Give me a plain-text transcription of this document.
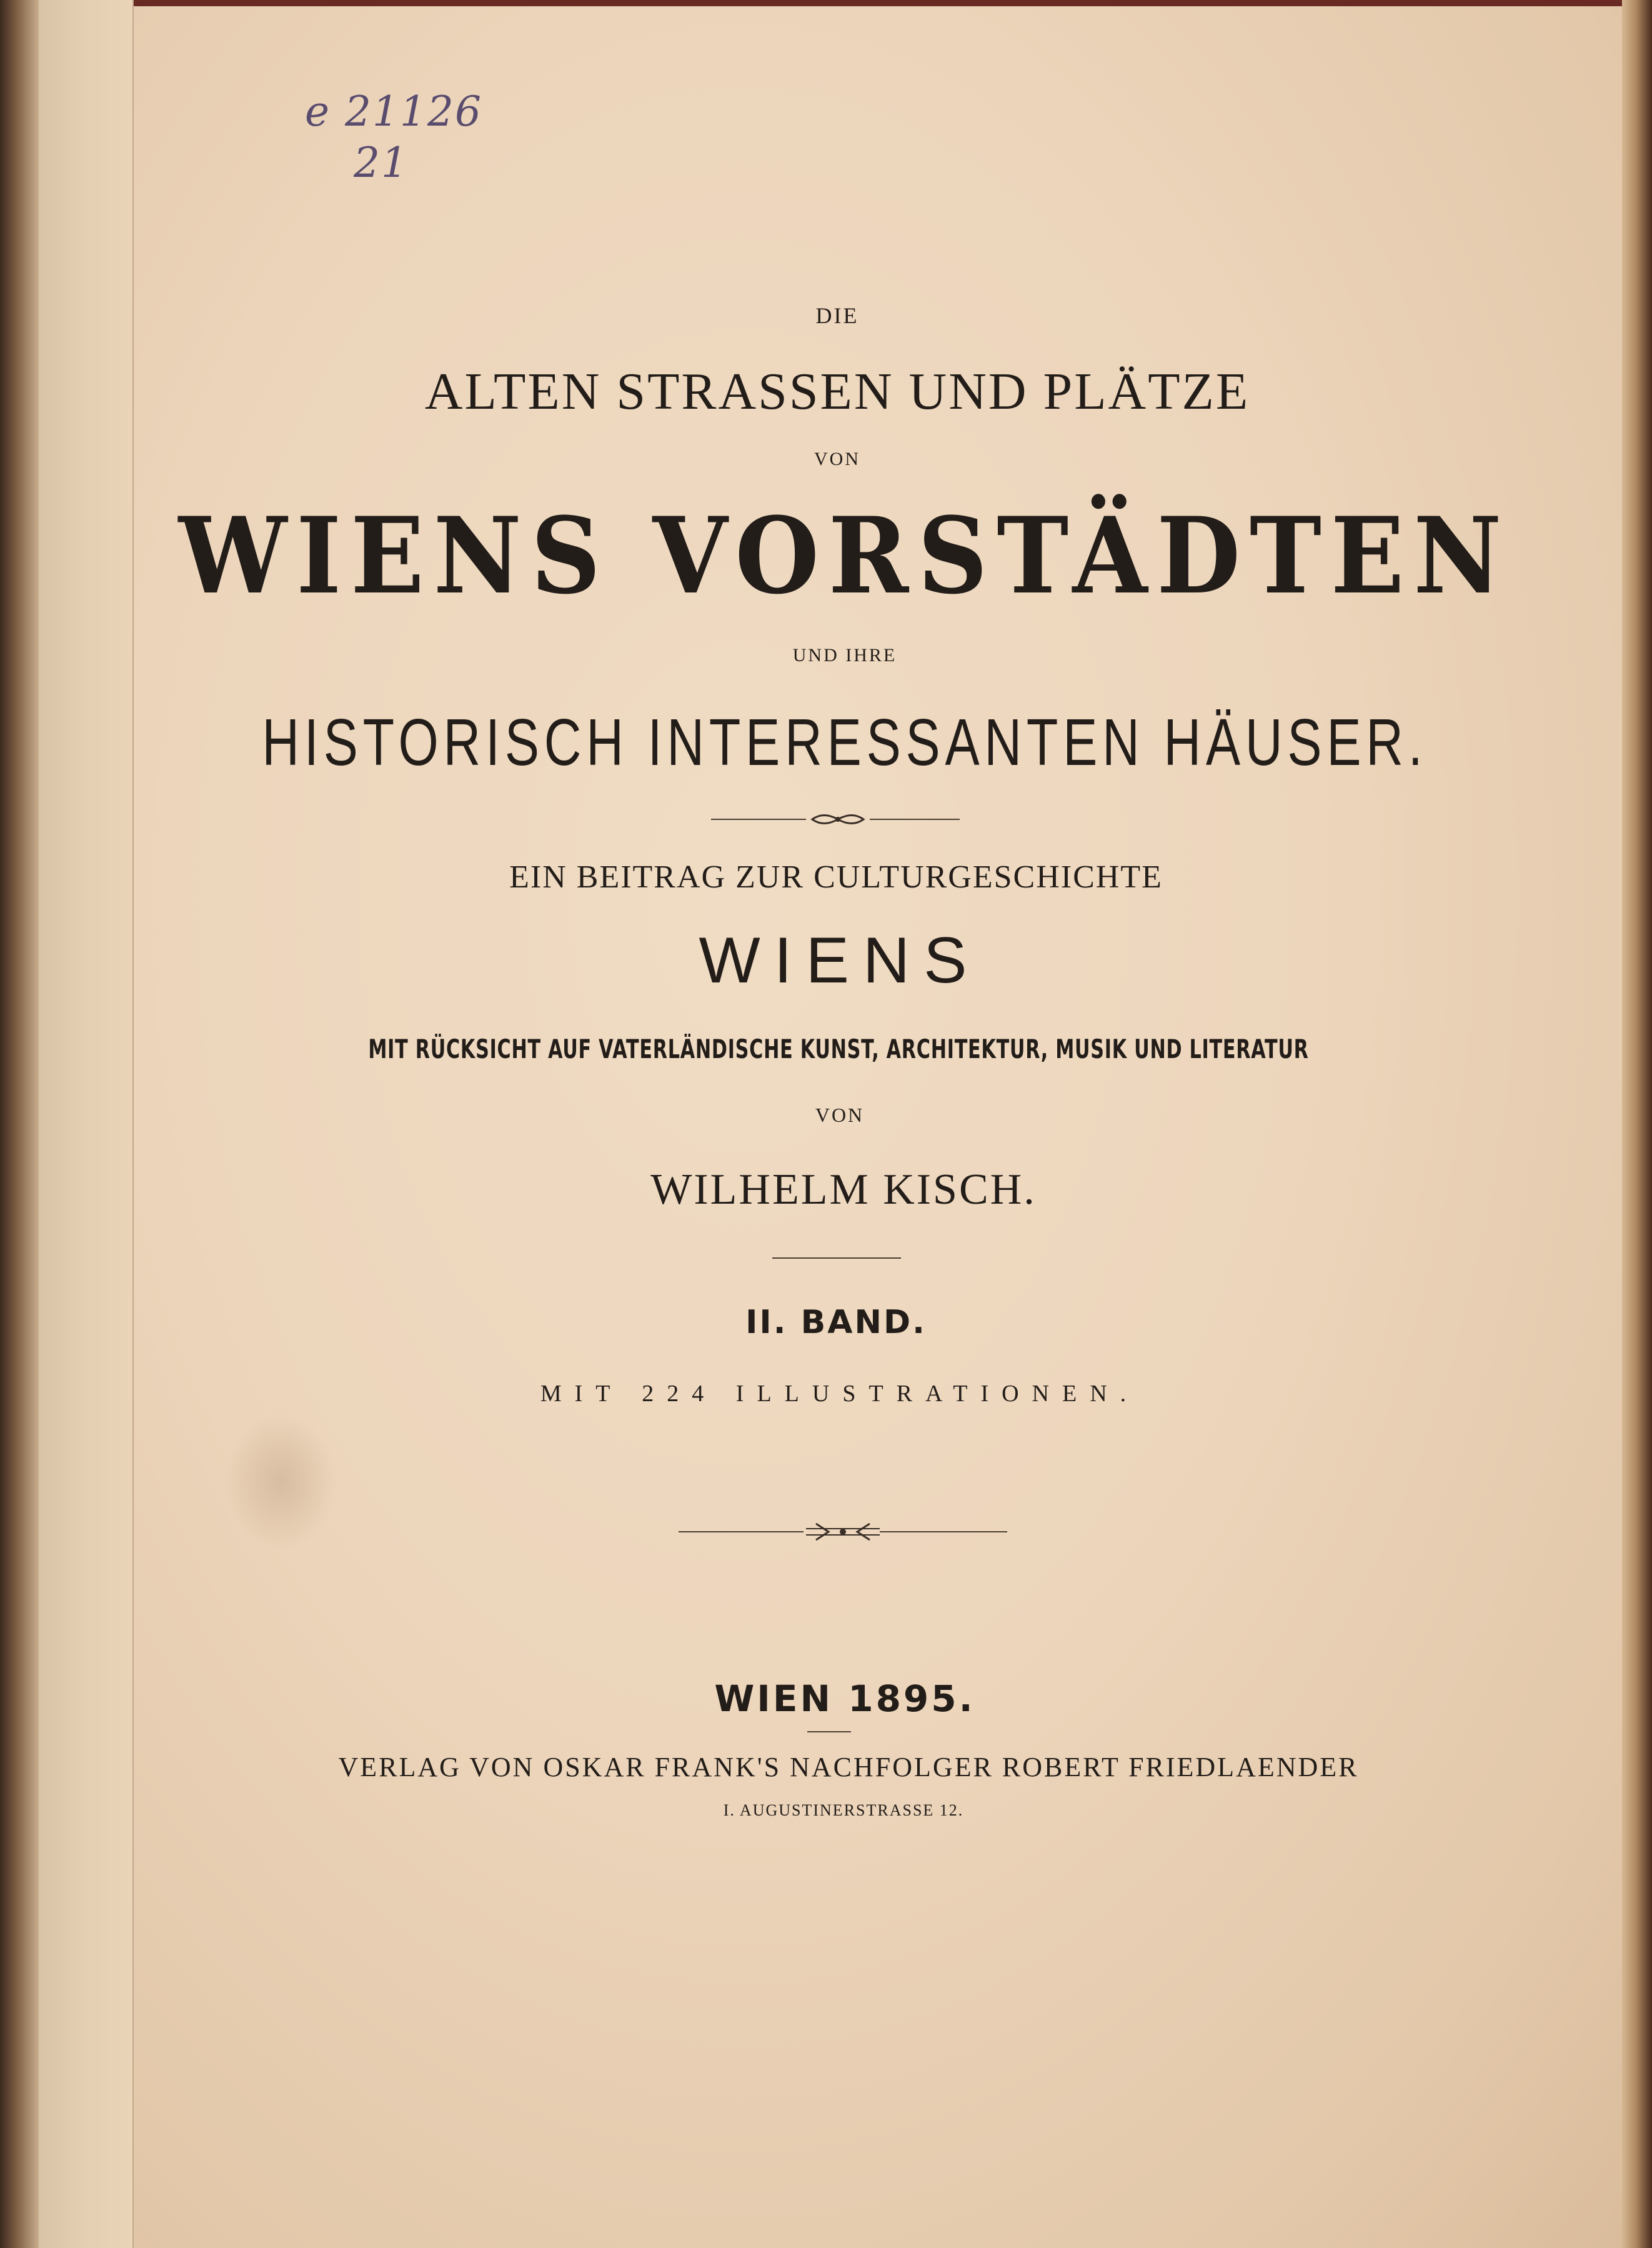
e 21126
21
DIE
ALTEN STRASSEN UND PLÄTZE
VON
WIENS VORSTÄDTEN
UND IHRE
HISTORISCH INTERESSANTEN HÄUSER.
EIN BEITRAG ZUR CULTURGESCHICHTE
WIENS
MIT RÜCKSICHT AUF VATERLÄNDISCHE KUNST, ARCHITEKTUR, MUSIK UND LITERATUR
VON
WILHELM KISCH.
II. BAND.
MIT 224 ILLUSTRATIONEN.
WIEN 1895.
VERLAG VON OSKAR FRANK'S NACHFOLGER ROBERT FRIEDLAENDER
I. AUGUSTINERSTRASSE 12.
